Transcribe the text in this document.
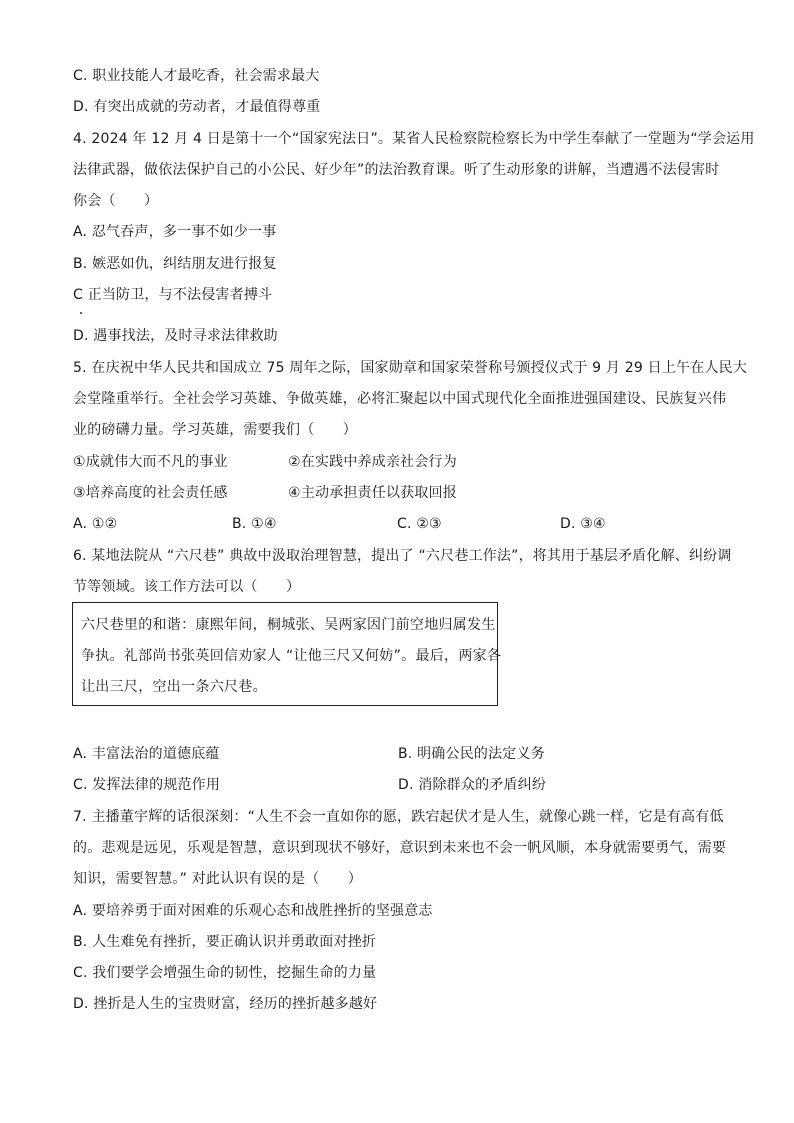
C. 职业技能人才最吃香，社会需求最大
D. 有突出成就的劳动者，才最值得尊重
4. 2024 年 12 月 4 日是第十一个“国家宪法日”。某省人民检察院检察长为中学生奉献了一堂题为“学会运用
法律武器，做依法保护自己的小公民、好少年”的法治教育课。听了生动形象的讲解，当遭遇不法侵害时
你会（　　）
A. 忍气吞声，多一事不如少一事
B. 嫉恶如仇，纠结朋友进行报复
C 正当防卫，与不法侵害者搏斗
D. 遇事找法，及时寻求法律救助
5. 在庆祝中华人民共和国成立 75 周年之际，国家勋章和国家荣誉称号颁授仪式于 9 月 29 日上午在人民大
会堂隆重举行。全社会学习英雄、争做英雄，必将汇聚起以中国式现代化全面推进强国建设、民族复兴伟
业的磅礴力量。学习英雄，需要我们（　　）
①成就伟大而不凡的事业	②在实践中养成亲社会行为
③培养高度的社会责任感	④主动承担责任以获取回报
A. ①②	B. ①④	C. ②③	D. ③④
6. 某地法院从 “六尺巷” 典故中汲取治理智慧，提出了 “六尺巷工作法”，将其用于基层矛盾化解、纠纷调
节等领域。该工作方法可以（　　）
六尺巷里的和谐：康熙年间，桐城张、吴两家因门前空地归属发生
争执。礼部尚书张英回信劝家人 “让他三尺又何妨”。最后，两家各
让出三尺，空出一条六尺巷。
A. 丰富法治的道德底蕴	B. 明确公民的法定义务
C. 发挥法律的规范作用	D. 消除群众的矛盾纠纷
7. 主播董宇辉的话很深刻：“人生不会一直如你的愿，跌宕起伏才是人生，就像心跳一样，它是有高有低
的。悲观是远见，乐观是智慧，意识到现状不够好，意识到未来也不会一帆风顺，本身就需要勇气，需要
知识，需要智慧。” 对此认识有误的是（　　）
A. 要培养勇于面对困难的乐观心态和战胜挫折的坚强意志
B. 人生难免有挫折，要正确认识并勇敢面对挫折
C. 我们要学会增强生命的韧性，挖掘生命的力量
D. 挫折是人生的宝贵财富，经历的挫折越多越好
